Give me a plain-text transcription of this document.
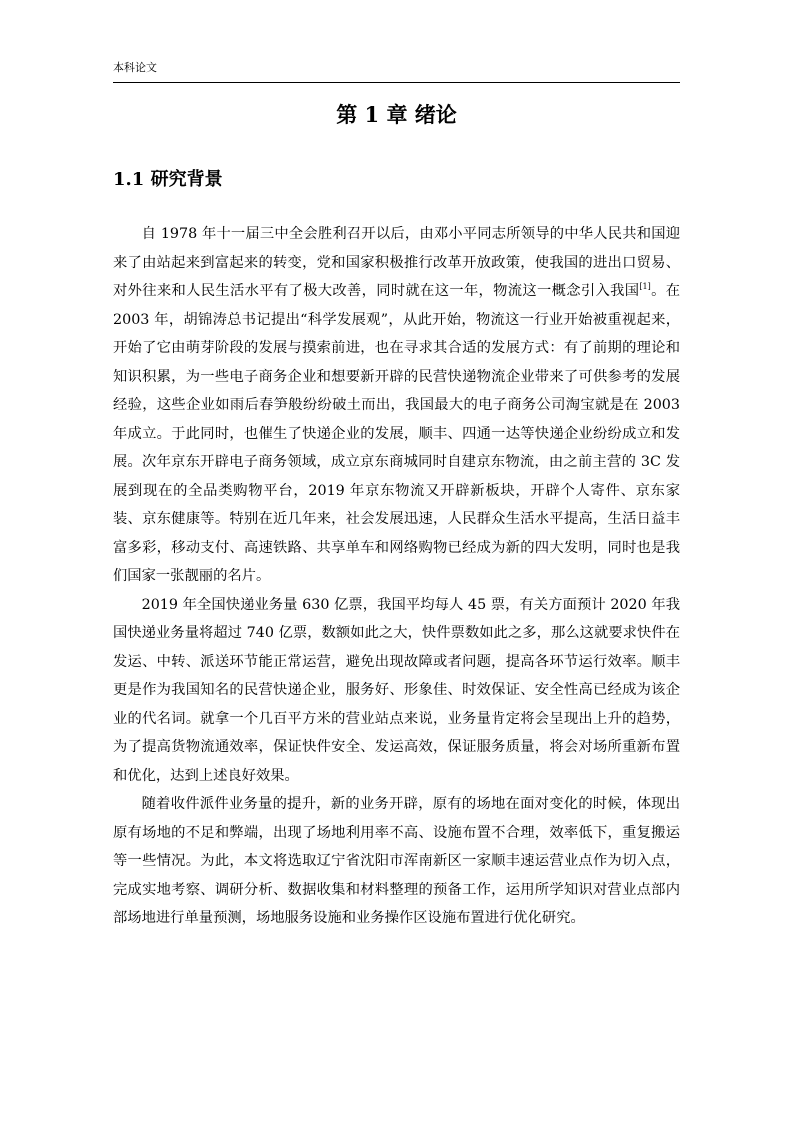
本科论文
第 1 章 绪论
1.1 研究背景

自 1978 年十一届三中全会胜利召开以后，由邓小平同志所领导的中华人民共和国迎来了由站起来到富起来的转变，党和国家积极推行改革开放政策，使我国的进出口贸易、对外往来和人民生活水平有了极大改善，同时就在这一年，物流这一概念引入我国[1]。在 2003 年，胡锦涛总书记提出“科学发展观”，从此开始，物流这一行业开始被重视起来，开始了它由萌芽阶段的发展与摸索前进，也在寻求其合适的发展方式：有了前期的理论和知识积累，为一些电子商务企业和想要新开辟的民营快递物流企业带来了可供参考的发展经验，这些企业如雨后春笋般纷纷破土而出，我国最大的电子商务公司淘宝就是在 2003 年成立。于此同时，也催生了快递企业的发展，顺丰、四通一达等快递企业纷纷成立和发展。次年京东开辟电子商务领域，成立京东商城同时自建京东物流，由之前主营的 3C 发展到现在的全品类购物平台，2019 年京东物流又开辟新板块，开辟个人寄件、京东家装、京东健康等。特别在近几年来，社会发展迅速，人民群众生活水平提高，生活日益丰富多彩，移动支付、高速铁路、共享单车和网络购物已经成为新的四大发明，同时也是我们国家一张靓丽的名片。

2019 年全国快递业务量 630 亿票，我国平均每人 45 票，有关方面预计 2020 年我国快递业务量将超过 740 亿票，数额如此之大，快件票数如此之多，那么这就要求快件在发运、中转、派送环节能正常运营，避免出现故障或者问题，提高各环节运行效率。顺丰更是作为我国知名的民营快递企业，服务好、形象佳、时效保证、安全性高已经成为该企业的代名词。就拿一个几百平方米的营业站点来说，业务量肯定将会呈现出上升的趋势，为了提高货物流通效率，保证快件安全、发运高效，保证服务质量，将会对场所重新布置和优化，达到上述良好效果。

随着收件派件业务量的提升，新的业务开辟，原有的场地在面对变化的时候，体现出原有场地的不足和弊端，出现了场地利用率不高、设施布置不合理，效率低下，重复搬运等一些情况。为此，本文将选取辽宁省沈阳市浑南新区一家顺丰速运营业点作为切入点，完成实地考察、调研分析、数据收集和材料整理的预备工作，运用所学知识对营业点部内部场地进行单量预测，场地服务设施和业务操作区设施布置进行优化研究。
